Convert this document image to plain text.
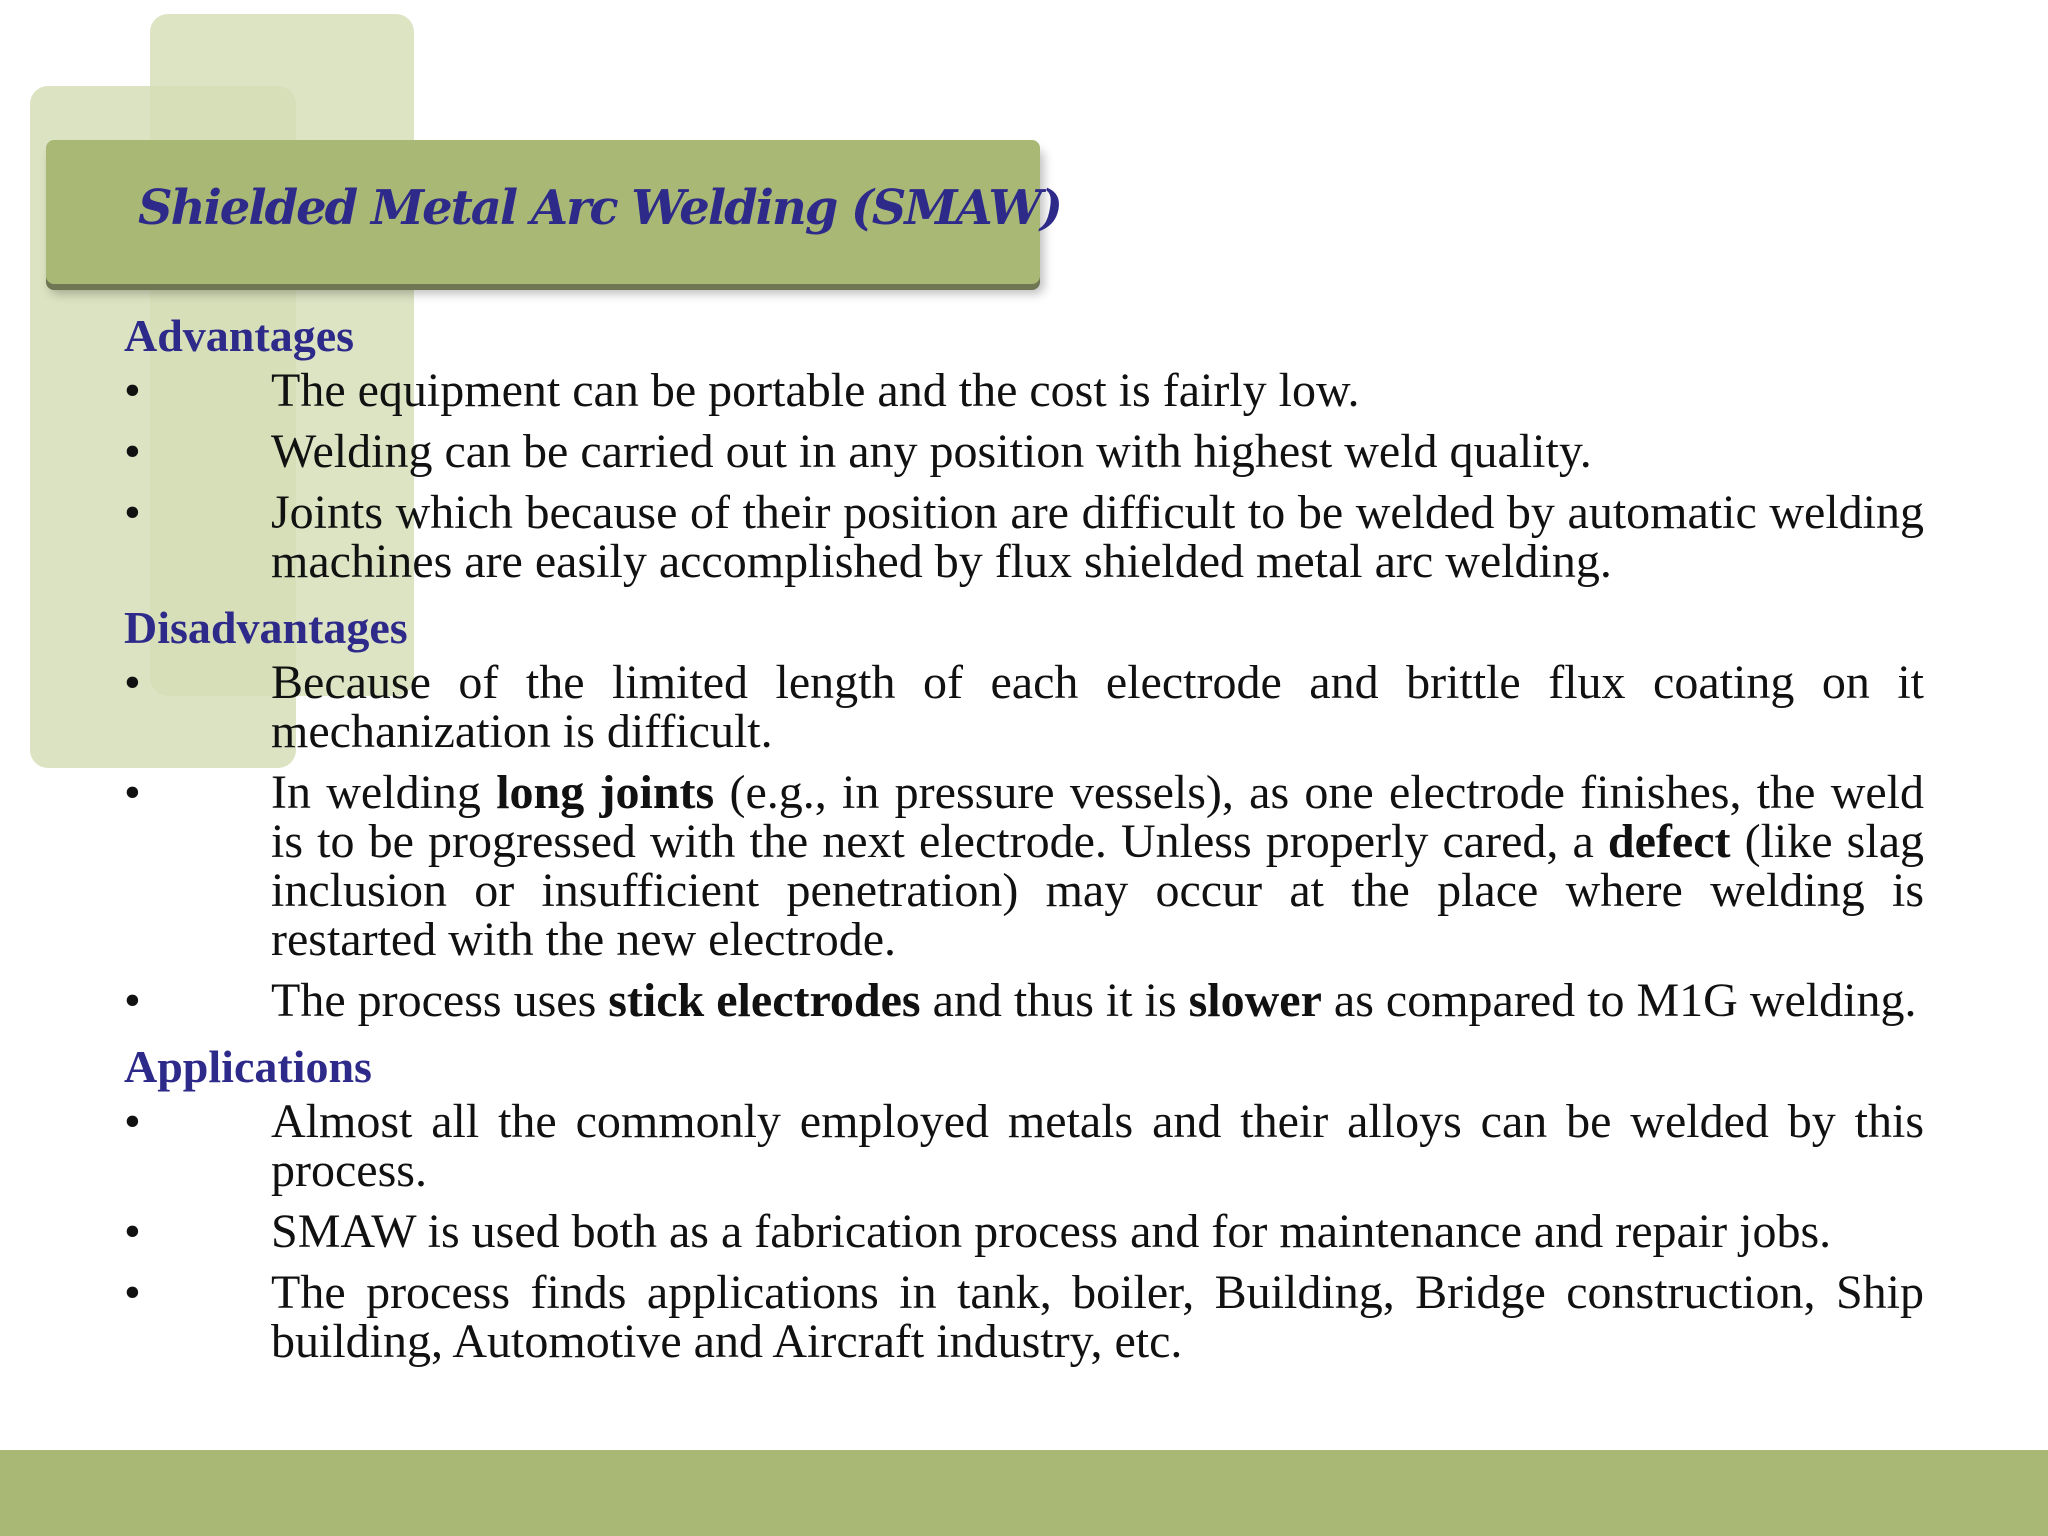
Shielded Metal Arc Welding (SMAW)
Advantages
•	The equipment can be portable and the cost is fairly low.
•	Welding can be carried out in any position with highest weld quality.
•	Joints which because of their position are difficult to be welded by automatic welding machines are easily accomplished by flux shielded metal arc welding.
Disadvantages
•	Because of the limited length of each electrode and brittle flux coating on it mechanization is difficult.
•	In welding long joints (e.g., in pressure vessels), as one electrode finishes, the weld is to be progressed with the next electrode. Unless properly cared, a defect (like slag inclusion or insufficient penetration) may occur at the place where welding is restarted with the new electrode.
•	The process uses stick electrodes and thus it is slower as compared to M1G welding.
Applications
•	Almost all the commonly employed metals and their alloys can be welded by this process.
•	SMAW is used both as a fabrication process and for maintenance and repair jobs.
•	The process finds applications in tank, boiler, Building, Bridge construction, Ship building, Automotive and Aircraft industry, etc.
